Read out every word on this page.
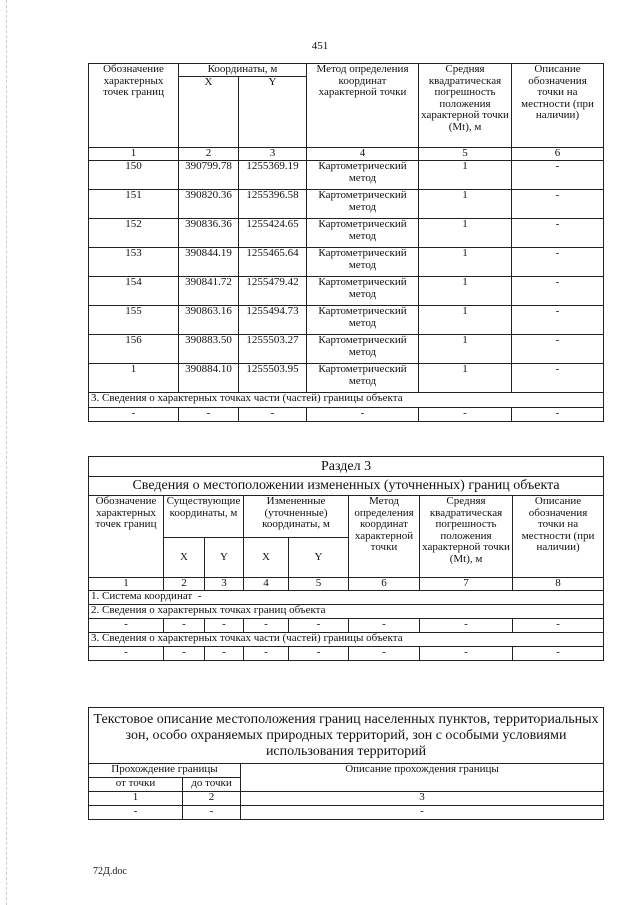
451
Обозначение характерных точек границ	Координаты, м		Метод определения координат характерной точки	Средняя квадратическая погрешность положения характерной точки (Mt), м	Описание обозначения точки на местности (при наличии)
	X	Y			
1	2	3	4	5	6
150	390799.78	1255369.19	Картометрический метод	1	-
151	390820.36	1255396.58	Картометрический метод	1	-
152	390836.36	1255424.65	Картометрический метод	1	-
153	390844.19	1255465.64	Картометрический метод	1	-
154	390841.72	1255479.42	Картометрический метод	1	-
155	390863.16	1255494.73	Картометрический метод	1	-
156	390883.50	1255503.27	Картометрический метод	1	-
1	390884.10	1255503.95	Картометрический метод	1	-
3. Сведения о характерных точках части (частей) границы объекта					
-	-	-	-	-	-
Раздел 3							
Сведения о местоположении измененных (уточненных) границ объекта							
Обозначение характерных точек границ	Существующие координаты, м		Измененные (уточненные) координаты, м		Метод определения координат характерной точки	Средняя квадратическая погрешность положения характерной точки (Mt), м	Описание обозначения точки на местности (при наличии)
	X	Y	X	Y			
1	2	3	4	5	6	7	8
1. Система координат -							
2. Сведения о характерных точках границ объекта							
-	-	-	-	-	-	-	-
3. Сведения о характерных точках части (частей) границы объекта							
-	-	-	-	-	-	-	-
Текстовое описание местоположения границ населенных пунктов, территориальных зон, особо охраняемых природных территорий, зон с особыми условиями использования территорий		
Прохождение границы		Описание прохождения границы
от точки	до точки	
1	2	3
-	-	-
72Д.doc
